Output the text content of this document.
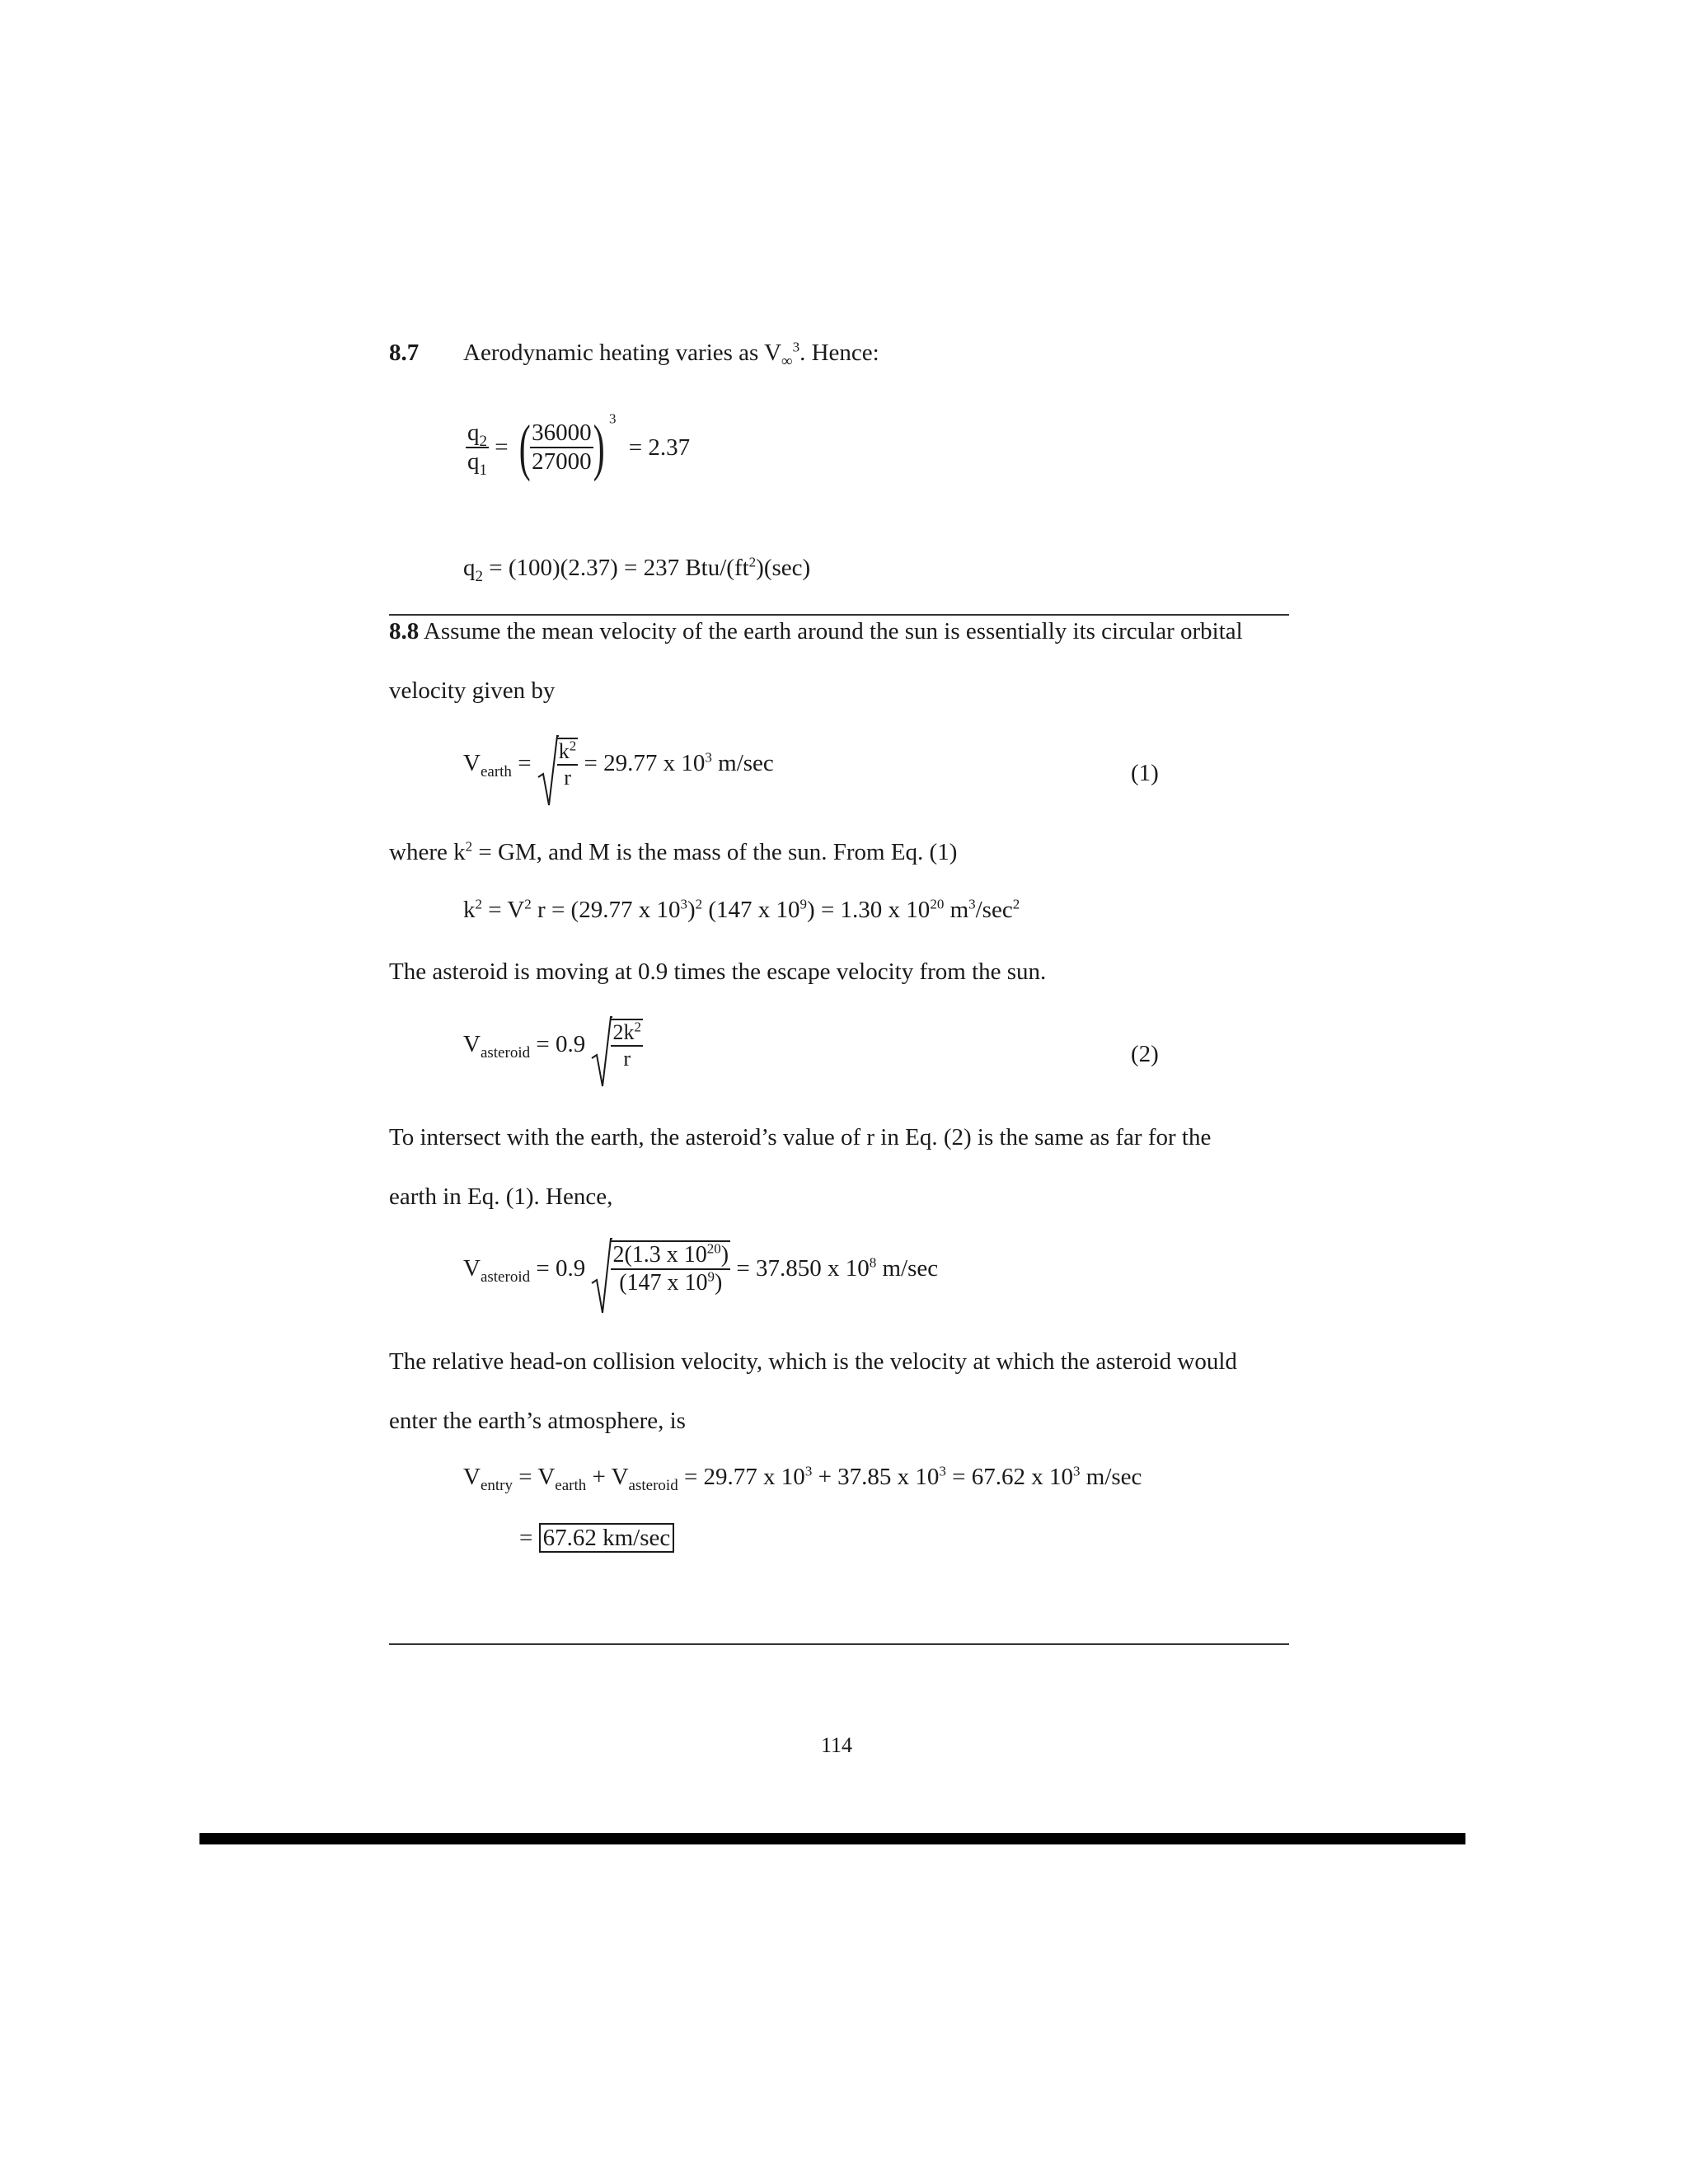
8.7 Aerodynamic heating varies as $V_\infty^3$. Hence:
$\frac{q_2}{q_1}$ = ( $\frac{36000}{27000}$ ) $^3$ = 2.37
$q_2 = (100)(2.37) = 237$ Btu/$(ft^2)(\sec)$
8.8 Assume the mean velocity of the earth around the sun is essentially its circular orbital
velocity given by
$V_{earth} = \frac{k^2}{r} = 29.77$ x $10^3$ m/sec	(1)
where $k^2$ = GM, and M is the mass of the sun. From Eq. (1)
$k^2 = V^2$ r = (29.77 x $10^3)^2$ (147 x $10^9) = 1.30$ x $10^{20}$ $m^3/\sec^2$
The asteroid is moving at 0.9 times the escape velocity from the sun.
$V_{asteroid} = 0.9 \frac{2k^2}{r}$	(2)
To intersect with the earth, the asteroid’s value of r in Eq. (2) is the same as far for the
earth in Eq. (1). Hence,
$V_{asteroid} = 0.9 \frac{2(1.3 x 10^{20})}{(147 x 10^9)} = 37.850$ x $10^8$ m/sec
The relative head-on collision velocity, which is the velocity at which the asteroid would
enter the earth’s atmosphere, is
$V_{entry} = V_{earth} + V_{asteroid} = 29.77$ x $10^3 + 37.85$ x $10^3 = 67.62$ x $10^3$ m/sec
= 67.62 km/sec
114
